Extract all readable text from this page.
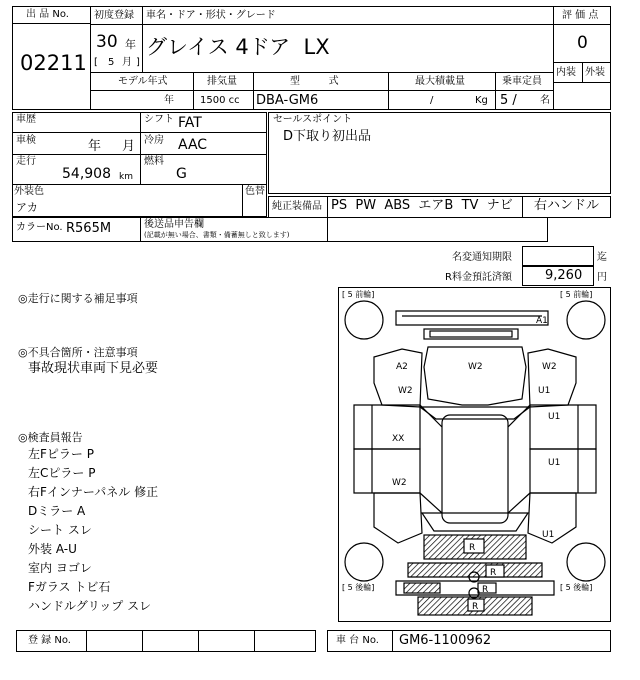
出 品 No.
02211
初度登録
30 年
[ 5 月 ]
車名・ドア・形状・グレード
グレイス 4ドア  LX
評 価 点
0
内装 外装
モデル年式
年
排気量
1500 cc
型         式
DBA-GM6
最大積載量
/	Kg
乗車定員
5 / 名
車歴	シフト FAT
車検	年 月 冷房 AAC
走行
54,908 km
燃料
G
外装色
アカ
色替
セールスポイント
D下取り初出品
純正装備品 PS  PW  ABS  エアB  TV  ナビ 右ハンドル
カラーNo. R565M	後送品申告欄
(記載が無い場合、書類・備蓄無しと致します)
名変通知期限	迄
R料金預託済額	9,260 円
◎走行に関する補足事項
◎不具合箇所・注意事項
事故現状車両下見必要
◎検査員報告
左Fピラー P
左Cピラー P
右Fインナーパネル 修正
Dミラー A
シート スレ
外装 A-U
室内 ヨゴレ
Fガラス トビ石
ハンドルグリップ スレ
[ 5 前輪]	[ 5 前輪]
[ 5 後輪]	[ 5 後輪]
A1
A2	W2	W2
W2	U1
U1
U1
XX
W2
U1
R
R
R
R
登 録 No.	車 台 No. GM6-1100962
